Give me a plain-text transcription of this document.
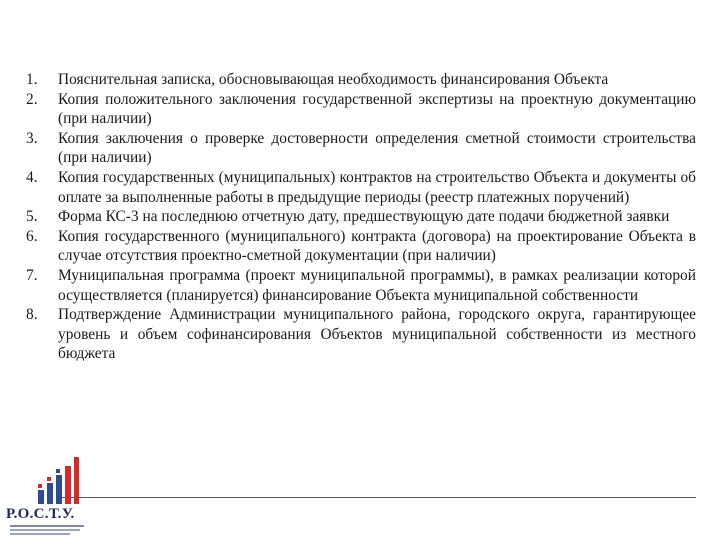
1.	Пояснительная записка, обосновывающая необходимость финансирования Объекта
2.	Копия положительного заключения государственной экспертизы на проектную документацию (при наличии)
3.	Копия заключения о проверке достоверности определения сметной стоимости строительства (при наличии)
4.	Копия государственных (муниципальных) контрактов на строительство Объекта и документы об оплате за выполненные работы в предыдущие периоды (реестр платежных поручений)
5.	Форма КС-3 на последнюю отчетную дату, предшествующую дате подачи бюджетной заявки
6.	Копия государственного (муниципального) контракта (договора) на проектирование Объекта в случае отсутствия проектно-сметной документации (при наличии)
7.	Муниципальная программа (проект муниципальной программы), в рамках реализации которой осуществляется (планируется) финансирование Объекта муниципальной собственности
8.	Подтверждение Администрации муниципального района, городского округа, гарантирующее уровень и объем софинансирования Объектов муниципальной собственности из местного бюджета
Р.О.С.Т.У.
